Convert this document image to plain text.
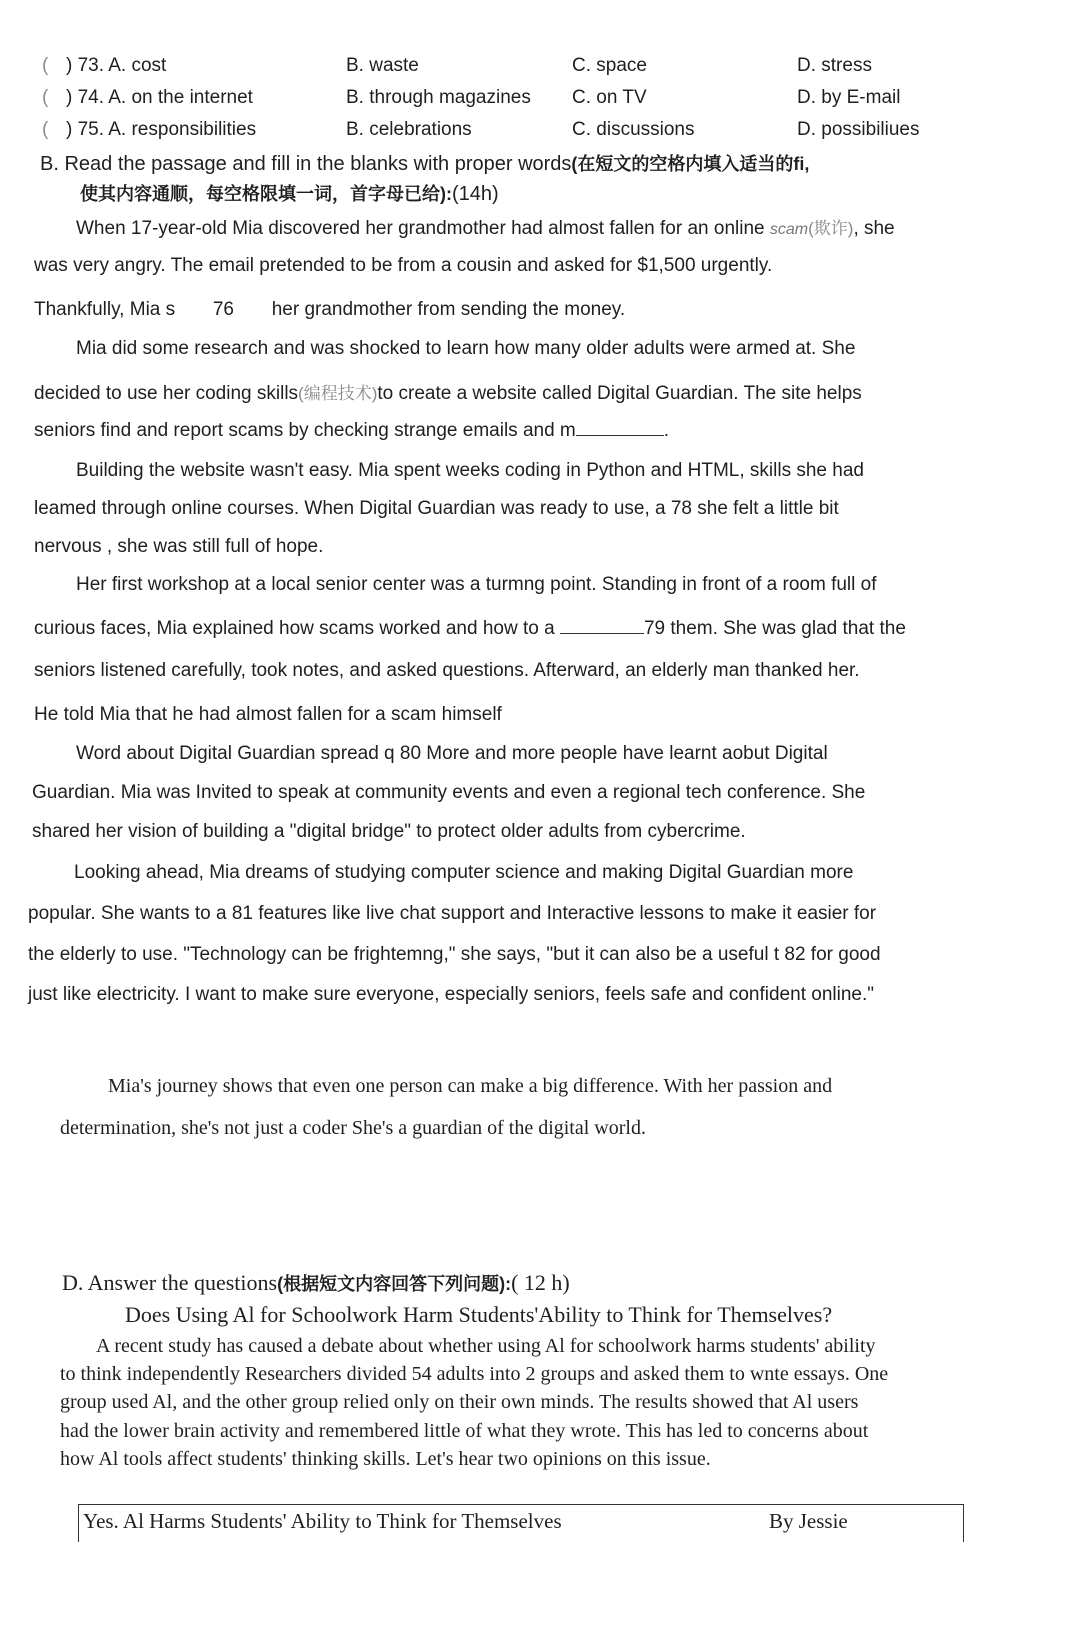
( ) 73. A. cost	B. waste	C. space	D. stress
( ) 74. A. on the internet	B. through magazines C. on TV	D. by E-mail
( ) 75. A. responsibilities	B. celebrations	C. discussions	D. possibiliues
B. Read the passage and fill in the blanks with proper words(在短文的空格内填入适当的fi,
使其内容通顺，每空格限填一词，首字母已给):(14h)
When 17-year-old Mia discovered her grandmother had almost fallen for an online scam(欺诈), she
was very angry. The email pretended to be from a cousin and asked for $1,500 urgently.
Thankfully, Mia s 76 her grandmother from sending the money.
Mia did some research and was shocked to learn how many older adults were armed at. She
decided to use her coding skills(编程技术)to create a website called Digital Guardian. The site helps
seniors find and report scams by checking strange emails and m	.
Building the website wasn't easy. Mia spent weeks coding in Python and HTML, skills she had
leamed through online courses. When Digital Guardian was ready to use, a 78 she felt a little bit
nervous , she was still full of hope.
Her first workshop at a local senior center was a turmng point. Standing in front of a room full of
curious faces, Mia explained how scams worked and how to a	79 them. She was glad that the
seniors listened carefully, took notes, and asked questions. Afterward, an elderly man thanked her.
He told Mia that he had almost fallen for a scam himself
Word about Digital Guardian spread q 80 More and more people have learnt aobut Digital
Guardian. Mia was Invited to speak at community events and even a regional tech conference. She
shared her vision of building a "digital bridge" to protect older adults from cybercrime.
Looking ahead, Mia dreams of studying computer science and making Digital Guardian more
popular. She wants to a 81 features like live chat support and Interactive lessons to make it easier for
the elderly to use. "Technology can be frightemng," she says, "but it can also be a useful t 82 for good
just like electricity. I want to make sure everyone, especially seniors, feels safe and confident online."
Mia's journey shows that even one person can make a big difference. With her passion and
determination, she's not just a coder She's a guardian of the digital world.
D. Answer the questions(根据短文内容回答下列问题):( 12 h)
Does Using Al for Schoolwork Harm Students'Ability to Think for Themselves?
A recent study has caused a debate about whether using Al for schoolwork harms students' ability
to think independently Researchers divided 54 adults into 2 groups and asked them to wnte essays. One
group used Al, and the other group relied only on their own minds. The results showed that Al users
had the lower brain activity and remembered little of what they wrote. This has led to concerns about
how Al tools affect students' thinking skills. Let's hear two opinions on this issue.
Yes. Al Harms Students' Ability to Think for Themselves	By Jessie
